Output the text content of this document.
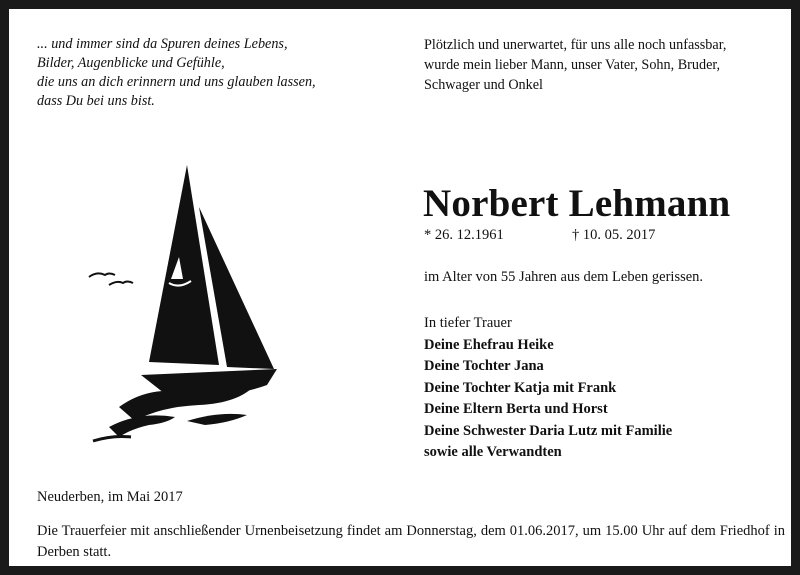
... und immer sind da Spuren deines Lebens,
Bilder, Augenblicke und Gefühle,
die uns an dich erinnern und uns glauben lassen,
dass Du bei uns bist.
Plötzlich und unerwartet, für uns alle noch unfassbar,
wurde mein lieber Mann, unser Vater, Sohn, Bruder,
Schwager und Onkel
Norbert Lehmann
* 26. 12.1961	† 10. 05. 2017
im Alter von 55 Jahren aus dem Leben gerissen.
In tiefer Trauer
Deine Ehefrau Heike
Deine Tochter Jana
Deine Tochter Katja mit Frank
Deine Eltern Berta und Horst
Deine Schwester Daria Lutz mit Familie
sowie alle Verwandten
Neuderben, im Mai 2017
Die Trauerfeier mit anschließender Urnenbeisetzung findet am Donnerstag, dem 01.06.2017, um 15.00 Uhr auf dem Friedhof in Derben statt.
